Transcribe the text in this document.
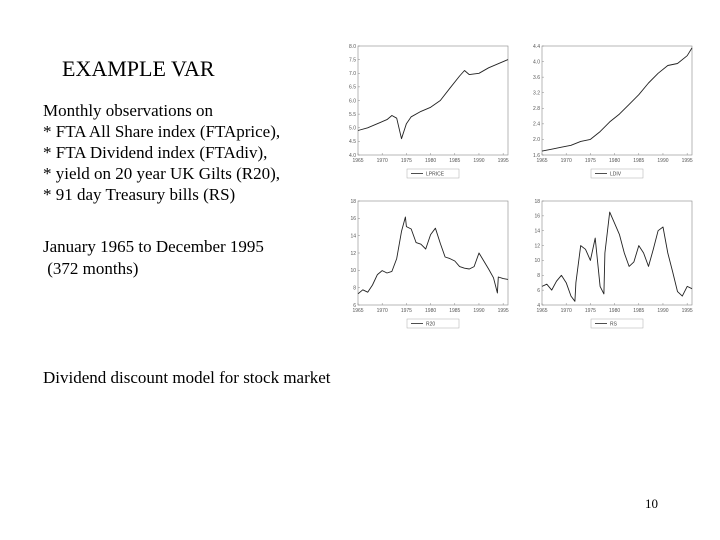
EXAMPLE VAR
Monthly observations on
* FTA All Share index (FTAprice),
* FTA Dividend index (FTAdiv),
* yield on 20 year UK Gilts (R20),
* 91 day Treasury bills (RS)
January 1965 to December 1995
(372 months)
Dividend discount model for stock market
10
4.0
4.5
5.0
5.5
6.0
6.5
7.0
7.5
8.0
1965	1970	1975	1980	1985	1990	1995
LPRICE
1.6
2.0
2.4
2.8
3.2
3.6
4.0
4.4
1965	1970	1975	1980	1985	1990	1995
LDIV
6
8
10
12
14
16
18
1965	1970	1975	1980	1985	1990	1995
R20
4
6
8
10
12
14
16
18
1965	1970	1975	1980	1985	1990	1995
RS
